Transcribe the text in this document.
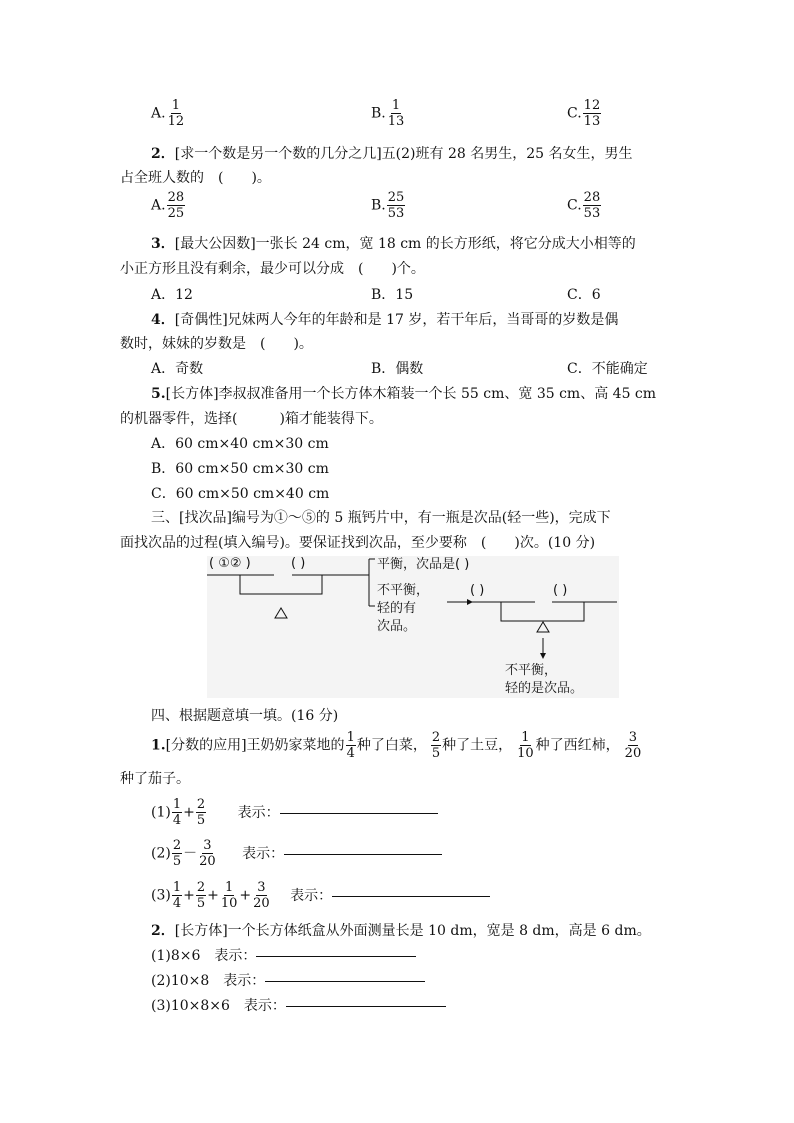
A. $\frac{1}{12}$	B. $\frac{1}{13}$	C. $\frac{12}{13}$
2．[求一个数是另一个数的几分之几]五(2)班有 28 名男生，25 名女生，男生
占全班人数的　(　　)。
A. $\frac{28}{25}$	B. $\frac{25}{53}$	C. $\frac{28}{53}$
3．[最大公因数]一张长 24 cm，宽 18 cm 的长方形纸，将它分成大小相等的
小正方形且没有剩余，最少可以分成　(　　)个。
A．12	B．15	C．6
4．[奇偶性]兄妹两人今年的年龄和是 17 岁，若干年后，当哥哥的岁数是偶
数时，妹妹的岁数是　(　　)。
A．奇数	B．偶数	C．不能确定
5.[长方体]李叔叔准备用一个长方体木箱装一个长 55 cm、宽 35 cm、高 45 cm
的机器零件，选择(　　　)箱才能装得下。
A．60 cm×40 cm×30 cm
B．60 cm×50 cm×30 cm
C．60 cm×50 cm×40 cm
三、[找次品]编号为①～⑤的 5 瓶钙片中，有一瓶是次品(轻一些)，完成下
面找次品的过程(填入编号)。要保证找到次品，至少要称　(　　)次。(10 分)
( ①② )	( )	平衡，次品是( )
不平衡，
轻的有
次品。
( )	( )
不平衡，
轻的是次品。
四、根据题意填一填。(16 分)
1.[分数的应用]王奶奶家菜地的 $\frac{1}{4}$ 种了白菜， $\frac{2}{5}$ 种了土豆， $\frac{1}{10}$ 种了西红柿， $\frac{3}{20}$
种了茄子。
$(1) \frac{1}{4} + \frac{2}{5}$ 表示：
$(2) \frac{2}{5} - \frac{3}{20}$ 表示：
$(3) \frac{1}{4} + \frac{2}{5} + \frac{1}{10} + \frac{3}{20}$ 表示：
2．[长方体]一个长方体纸盒从外面测量长是 10 dm，宽是 8 dm，高是 6 dm。
(1)8×6 表示：
(2)10×8 表示：
(3)10×8×6 表示：
